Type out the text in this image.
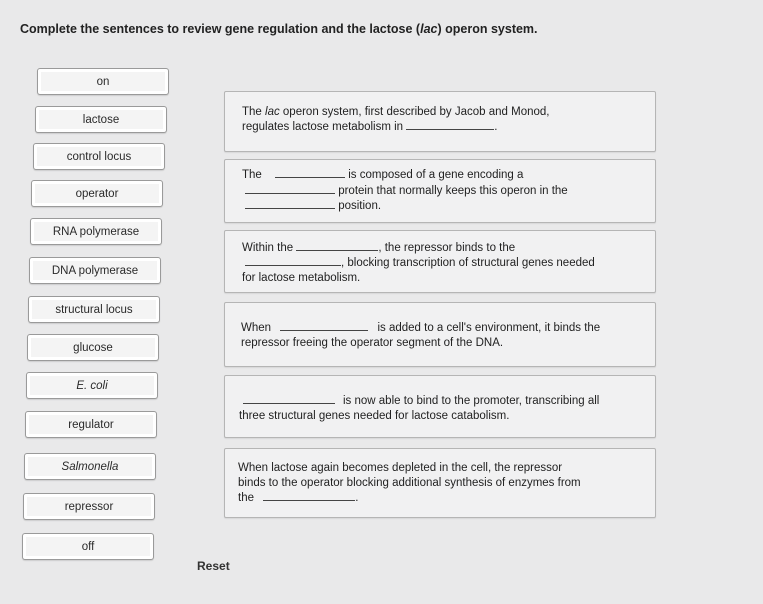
Complete the sentences to review gene regulation and the lactose (lac) operon system.
on
lactose
control locus
operator
RNA polymerase
DNA polymerase
structural locus
glucose
E. coli
regulator
Salmonella
repressor
off
The lac operon system, first described by Jacob and Monod,
regulates lactose metabolism in	.
The	is composed of a gene encoding a
protein that normally keeps this operon in the
position.
Within the	, the repressor binds to the
, blocking transcription of structural genes needed
for lactose metabolism.
When	is added to a cell's environment, it binds the
repressor freeing the operator segment of the DNA.
is now able to bind to the promoter, transcribing all
three structural genes needed for lactose catabolism.
When lactose again becomes depleted in the cell, the repressor
binds to the operator blocking additional synthesis of enzymes from
the	.
Reset
